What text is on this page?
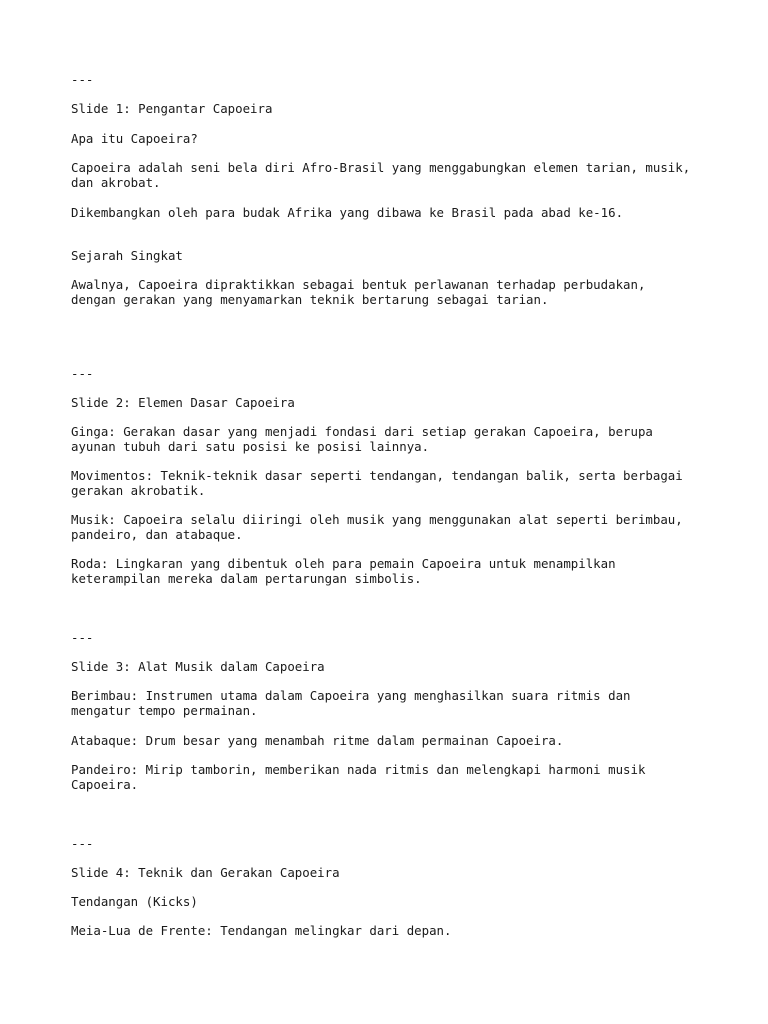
---

Slide 1: Pengantar Capoeira

Apa itu Capoeira?

Capoeira adalah seni bela diri Afro-Brasil yang menggabungkan elemen tarian, musik,

dan akrobat.

Dikembangkan oleh para budak Afrika yang dibawa ke Brasil pada abad ke-16.

Sejarah Singkat

Awalnya, Capoeira dipraktikkan sebagai bentuk perlawanan terhadap perbudakan,

dengan gerakan yang menyamarkan teknik bertarung sebagai tarian.

---

Slide 2: Elemen Dasar Capoeira

Ginga: Gerakan dasar yang menjadi fondasi dari setiap gerakan Capoeira, berupa

ayunan tubuh dari satu posisi ke posisi lainnya.

Movimentos: Teknik-teknik dasar seperti tendangan, tendangan balik, serta berbagai

gerakan akrobatik.

Musik: Capoeira selalu diiringi oleh musik yang menggunakan alat seperti berimbau,

pandeiro, dan atabaque.

Roda: Lingkaran yang dibentuk oleh para pemain Capoeira untuk menampilkan

keterampilan mereka dalam pertarungan simbolis.

---

Slide 3: Alat Musik dalam Capoeira

Berimbau: Instrumen utama dalam Capoeira yang menghasilkan suara ritmis dan

mengatur tempo permainan.

Atabaque: Drum besar yang menambah ritme dalam permainan Capoeira.

Pandeiro: Mirip tamborin, memberikan nada ritmis dan melengkapi harmoni musik

Capoeira.

---

Slide 4: Teknik dan Gerakan Capoeira

Tendangan (Kicks)

Meia-Lua de Frente: Tendangan melingkar dari depan.
